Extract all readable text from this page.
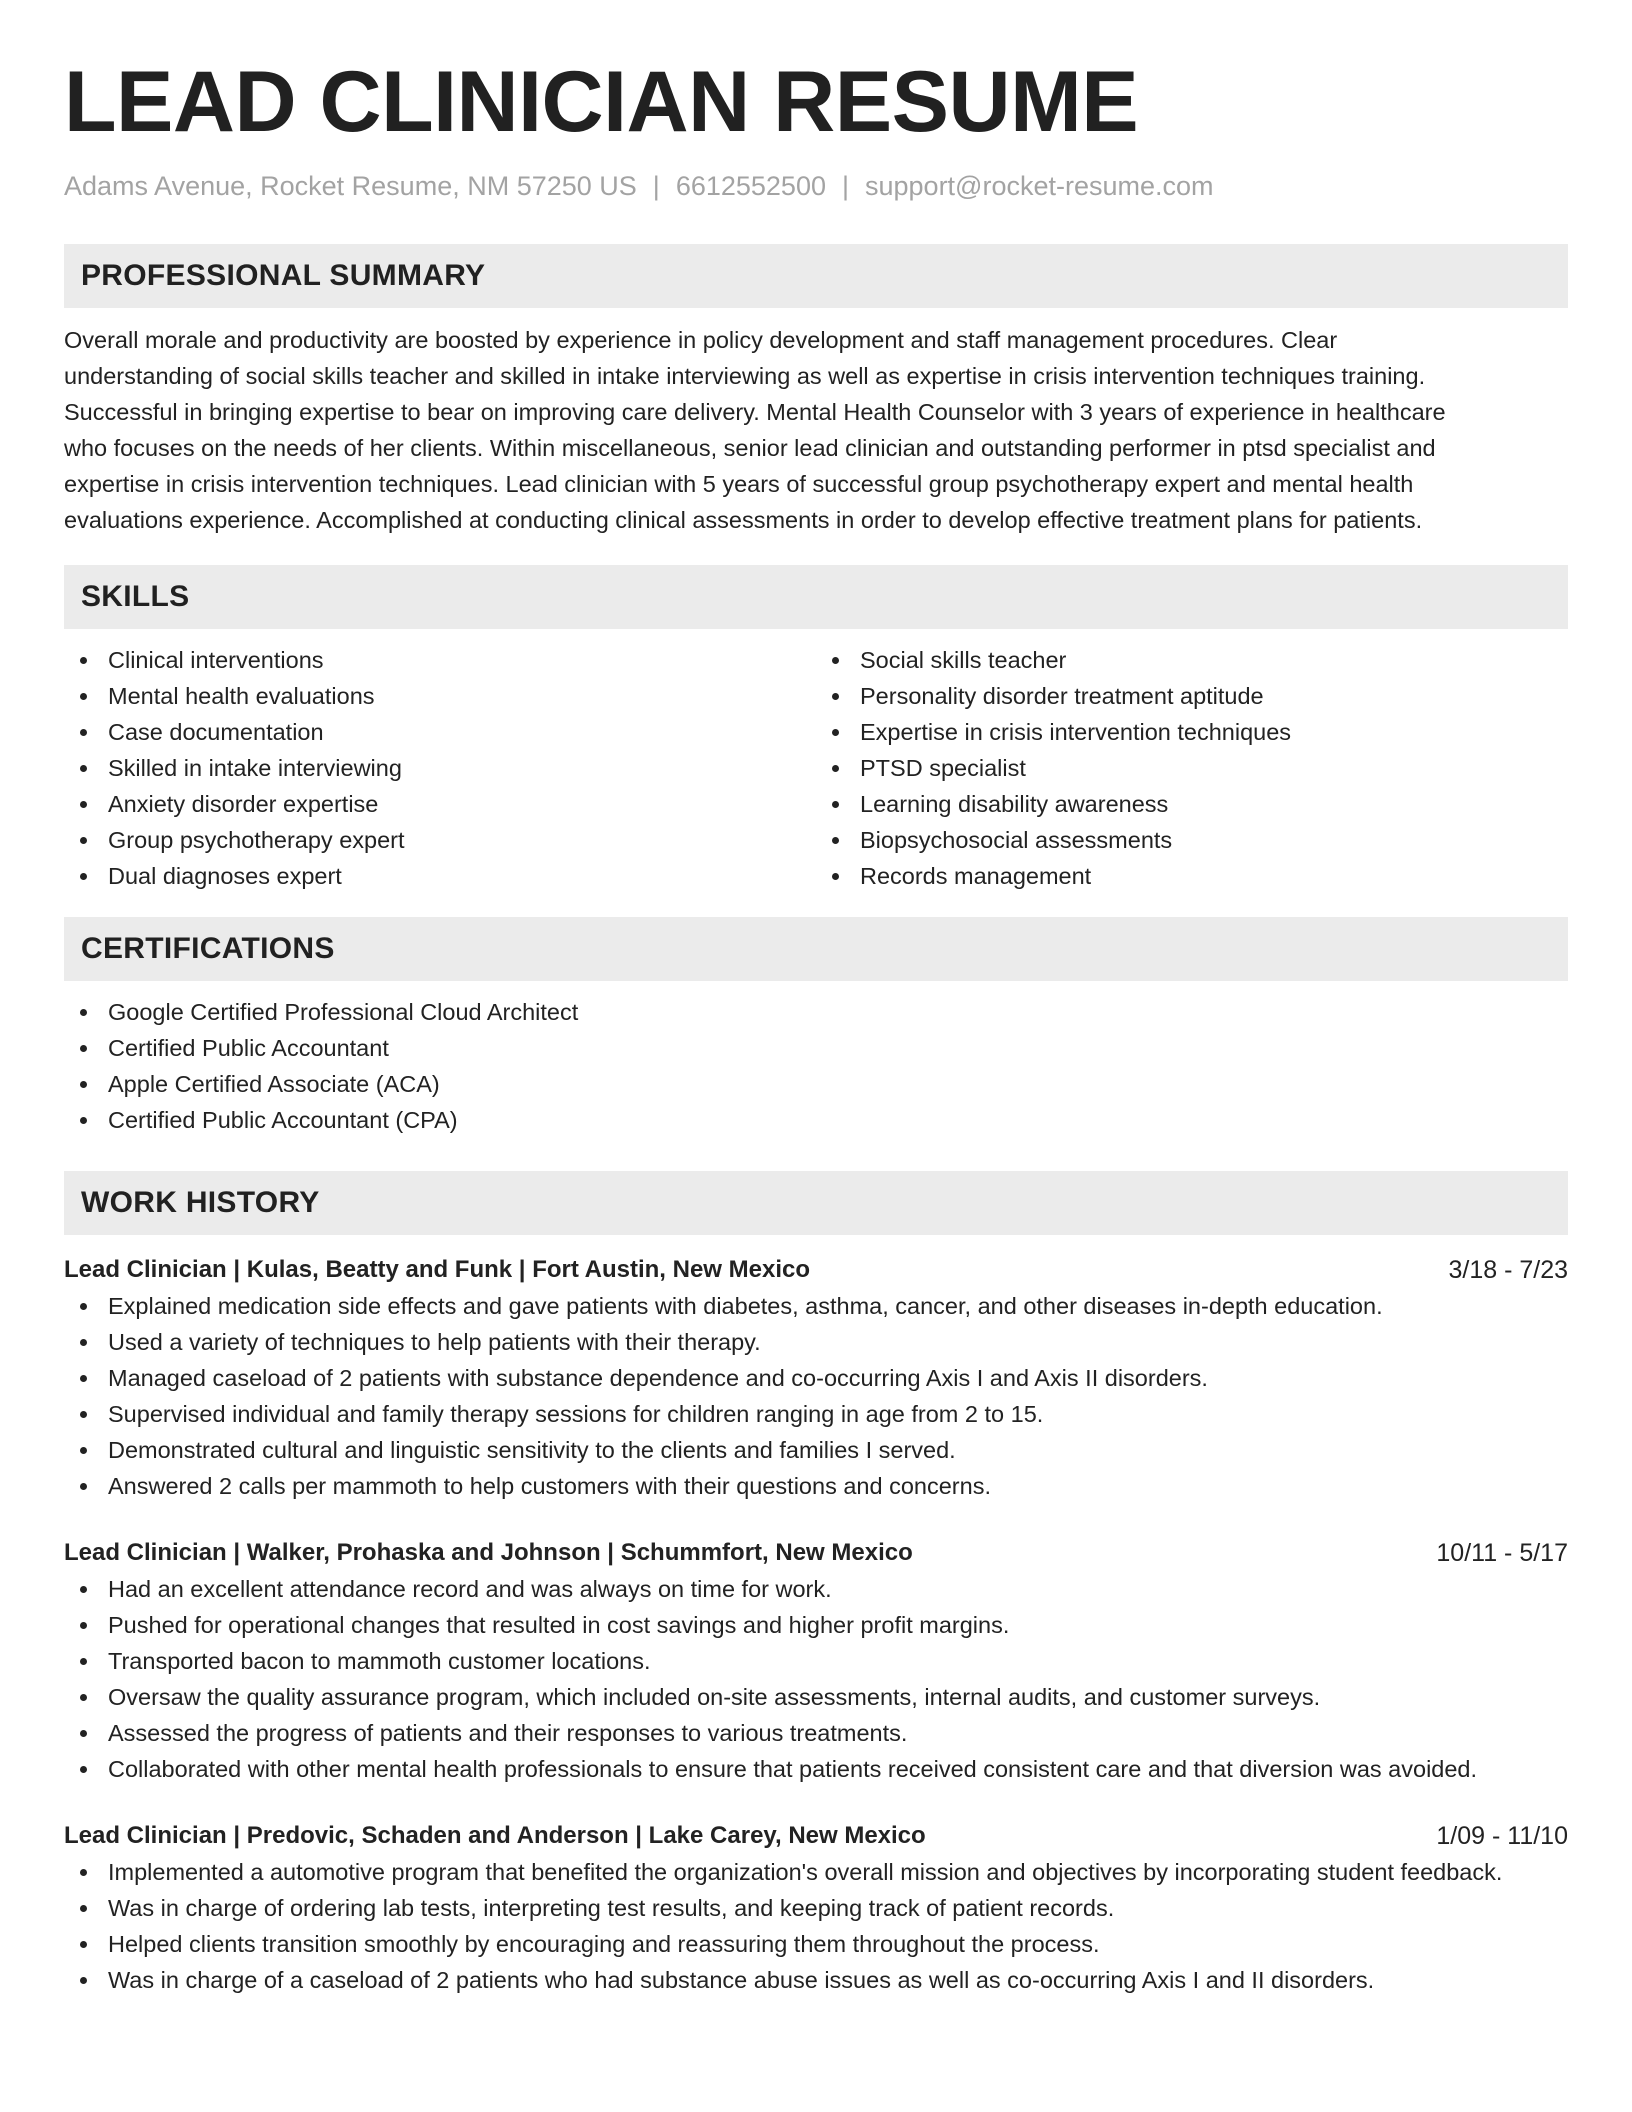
LEAD CLINICIAN RESUME
Adams Avenue, Rocket Resume, NM 57250 US | 6612552500 | support@rocket-resume.com
PROFESSIONAL SUMMARY
Overall morale and productivity are boosted by experience in policy development and staff management procedures. Clear
understanding of social skills teacher and skilled in intake interviewing as well as expertise in crisis intervention techniques training.
Successful in bringing expertise to bear on improving care delivery. Mental Health Counselor with 3 years of experience in healthcare
who focuses on the needs of her clients. Within miscellaneous, senior lead clinician and outstanding performer in ptsd specialist and
expertise in crisis intervention techniques. Lead clinician with 5 years of successful group psychotherapy expert and mental health
evaluations experience. Accomplished at conducting clinical assessments in order to develop effective treatment plans for patients.
SKILLS
Clinical interventions
Mental health evaluations
Case documentation
Skilled in intake interviewing
Anxiety disorder expertise
Group psychotherapy expert
Dual diagnoses expert
Social skills teacher
Personality disorder treatment aptitude
Expertise in crisis intervention techniques
PTSD specialist
Learning disability awareness
Biopsychosocial assessments
Records management
CERTIFICATIONS
Google Certified Professional Cloud Architect
Certified Public Accountant
Apple Certified Associate (ACA)
Certified Public Accountant (CPA)
WORK HISTORY
Lead Clinician | Kulas, Beatty and Funk | Fort Austin, New Mexico	3/18 - 7/23
Explained medication side effects and gave patients with diabetes, asthma, cancer, and other diseases in-depth education.
Used a variety of techniques to help patients with their therapy.
Managed caseload of 2 patients with substance dependence and co-occurring Axis I and Axis II disorders.
Supervised individual and family therapy sessions for children ranging in age from 2 to 15.
Demonstrated cultural and linguistic sensitivity to the clients and families I served.
Answered 2 calls per mammoth to help customers with their questions and concerns.
Lead Clinician | Walker, Prohaska and Johnson | Schummfort, New Mexico	10/11 - 5/17
Had an excellent attendance record and was always on time for work.
Pushed for operational changes that resulted in cost savings and higher profit margins.
Transported bacon to mammoth customer locations.
Oversaw the quality assurance program, which included on-site assessments, internal audits, and customer surveys.
Assessed the progress of patients and their responses to various treatments.
Collaborated with other mental health professionals to ensure that patients received consistent care and that diversion was avoided.
Lead Clinician | Predovic, Schaden and Anderson | Lake Carey, New Mexico	1/09 - 11/10
Implemented a automotive program that benefited the organization's overall mission and objectives by incorporating student feedback.
Was in charge of ordering lab tests, interpreting test results, and keeping track of patient records.
Helped clients transition smoothly by encouraging and reassuring them throughout the process.
Was in charge of a caseload of 2 patients who had substance abuse issues as well as co-occurring Axis I and II disorders.
